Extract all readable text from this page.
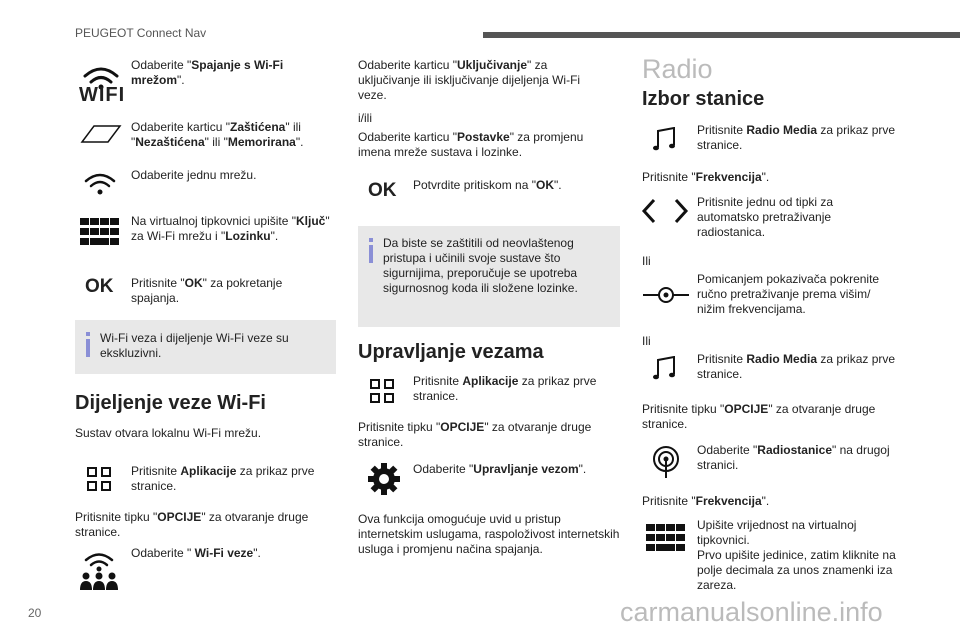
PEUGEOT Connect Nav
WIFI
Odaberite "Spajanje s Wi-Fi mrežom".
Odaberite karticu "Zaštićena" ili "Nezaštićena" ili "Memorirana".
Odaberite jednu mrežu.
Na virtualnoj tipkovnici upišite "Ključ" za Wi-Fi mrežu i "Lozinku".
OK Pritisnite "OK" za pokretanje spajanja.
Wi-Fi veza i dijeljenje Wi-Fi veze su ekskluzivni.
Dijeljenje veze Wi-Fi
Sustav otvara lokalnu Wi-Fi mrežu.
Pritisnite Aplikacije za prikaz prve stranice.
Pritisnite tipku "OPCIJE" za otvaranje druge stranice.
Odaberite " Wi-Fi veze".
Odaberite karticu "Uključivanje" za uključivanje ili isključivanje dijeljenja Wi-Fi veze.
i/ili
Odaberite karticu "Postavke" za promjenu imena mreže sustava i lozinke.
OK Potvrdite pritiskom na "OK".
Da biste se zaštitili od neovlaštenog pristupa i učinili svoje sustave što sigurnijima, preporučuje se upotreba sigurnosnog koda ili složene lozinke.
Upravljanje vezama
Pritisnite Aplikacije za prikaz prve stranice.
Pritisnite tipku "OPCIJE" za otvaranje druge stranice.
Odaberite "Upravljanje vezom".
Ova funkcija omogućuje uvid u pristup internetskim uslugama, raspoloživost internetskih usluga i promjenu načina spajanja.
Radio
Izbor stanice
Pritisnite Radio Media za prikaz prve stranice.
Pritisnite "Frekvencija".
Pritisnite jednu od tipki za automatsko pretraživanje radiostanica.
Ili
Pomicanjem pokazivača pokrenite ručno pretraživanje prema višim/ nižim frekvencijama.
Ili
Pritisnite Radio Media za prikaz prve stranice.
Pritisnite tipku "OPCIJE" za otvaranje druge stranice.
Odaberite "Radiostanice" na drugoj stranici.
Pritisnite "Frekvencija".
Upišite vrijednost na virtualnoj tipkovnici.
Prvo upišite jedinice, zatim kliknite na polje decimala za unos znamenki iza zareza.
20	carmanualsonline.info
